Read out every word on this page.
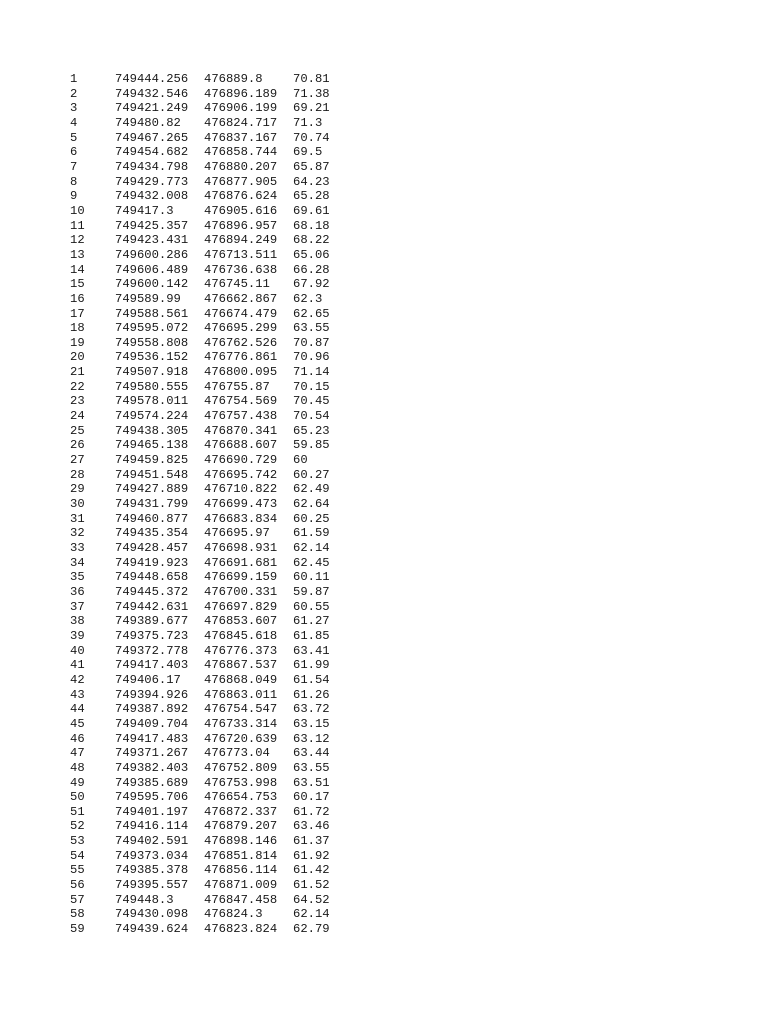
1	749444.256	476889.8	70.81
2	749432.546	476896.189	71.38
3	749421.249	476906.199	69.21
4	749480.82	476824.717	71.3
5	749467.265	476837.167	70.74
6	749454.682	476858.744	69.5
7	749434.798	476880.207	65.87
8	749429.773	476877.905	64.23
9	749432.008	476876.624	65.28
10	749417.3	476905.616	69.61
11	749425.357	476896.957	68.18
12	749423.431	476894.249	68.22
13	749600.286	476713.511	65.06
14	749606.489	476736.638	66.28
15	749600.142	476745.11	67.92
16	749589.99	476662.867	62.3
17	749588.561	476674.479	62.65
18	749595.072	476695.299	63.55
19	749558.808	476762.526	70.87
20	749536.152	476776.861	70.96
21	749507.918	476800.095	71.14
22	749580.555	476755.87	70.15
23	749578.011	476754.569	70.45
24	749574.224	476757.438	70.54
25	749438.305	476870.341	65.23
26	749465.138	476688.607	59.85
27	749459.825	476690.729	60
28	749451.548	476695.742	60.27
29	749427.889	476710.822	62.49
30	749431.799	476699.473	62.64
31	749460.877	476683.834	60.25
32	749435.354	476695.97	61.59
33	749428.457	476698.931	62.14
34	749419.923	476691.681	62.45
35	749448.658	476699.159	60.11
36	749445.372	476700.331	59.87
37	749442.631	476697.829	60.55
38	749389.677	476853.607	61.27
39	749375.723	476845.618	61.85
40	749372.778	476776.373	63.41
41	749417.403	476867.537	61.99
42	749406.17	476868.049	61.54
43	749394.926	476863.011	61.26
44	749387.892	476754.547	63.72
45	749409.704	476733.314	63.15
46	749417.483	476720.639	63.12
47	749371.267	476773.04	63.44
48	749382.403	476752.809	63.55
49	749385.689	476753.998	63.51
50	749595.706	476654.753	60.17
51	749401.197	476872.337	61.72
52	749416.114	476879.207	63.46
53	749402.591	476898.146	61.37
54	749373.034	476851.814	61.92
55	749385.378	476856.114	61.42
56	749395.557	476871.009	61.52
57	749448.3	476847.458	64.52
58	749430.098	476824.3	62.14
59	749439.624	476823.824	62.79
